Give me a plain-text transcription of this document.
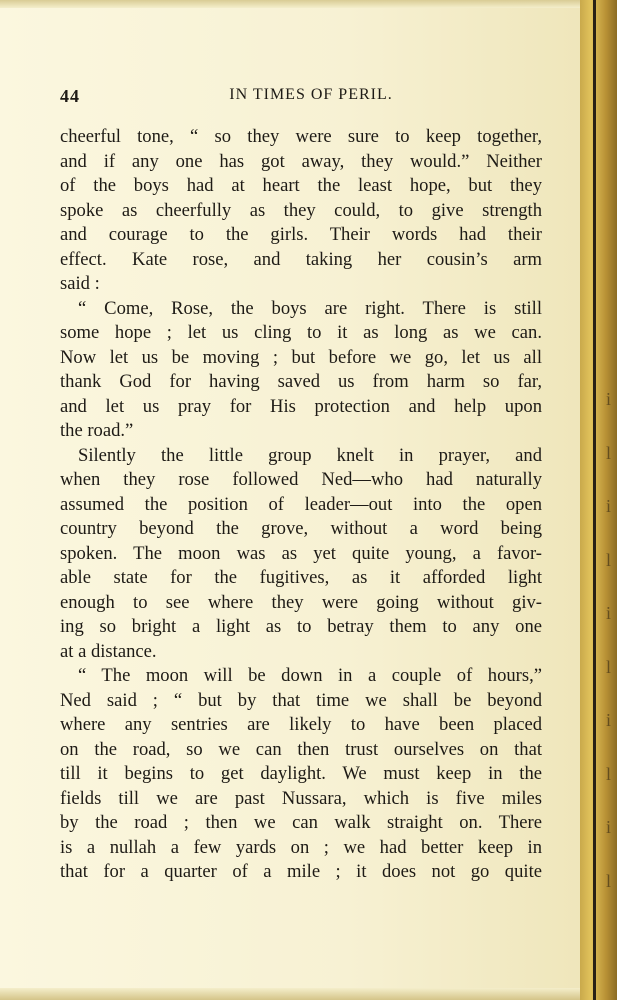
i
l
i
l
i
l
i
l
i
l
44	IN TIMES OF PERIL.
cheerful tone, “ so they were sure to keep together,
and if any one has got away, they would.” Neither
of the boys had at heart the least hope, but they
spoke as cheerfully as they could, to give strength
and courage to the girls. Their words had their
effect. Kate rose, and taking her cousin’s arm
said :
“ Come, Rose, the boys are right. There is still
some hope ; let us cling to it as long as we can.
Now let us be moving ; but before we go, let us all
thank God for having saved us from harm so far,
and let us pray for His protection and help upon
the road.”
Silently the little group knelt in prayer, and
when they rose followed Ned—who had naturally
assumed the position of leader—out into the open
country beyond the grove, without a word being
spoken. The moon was as yet quite young, a favor-
able state for the fugitives, as it afforded light
enough to see where they were going without giv-
ing so bright a light as to betray them to any one
at a distance.
“ The moon will be down in a couple of hours,”
Ned said ; “ but by that time we shall be beyond
where any sentries are likely to have been placed
on the road, so we can then trust ourselves on that
till it begins to get daylight. We must keep in the
fields till we are past Nussara, which is five miles
by the road ; then we can walk straight on. There
is a nullah a few yards on ; we had better keep in
that for a quarter of a mile ; it does not go quite
